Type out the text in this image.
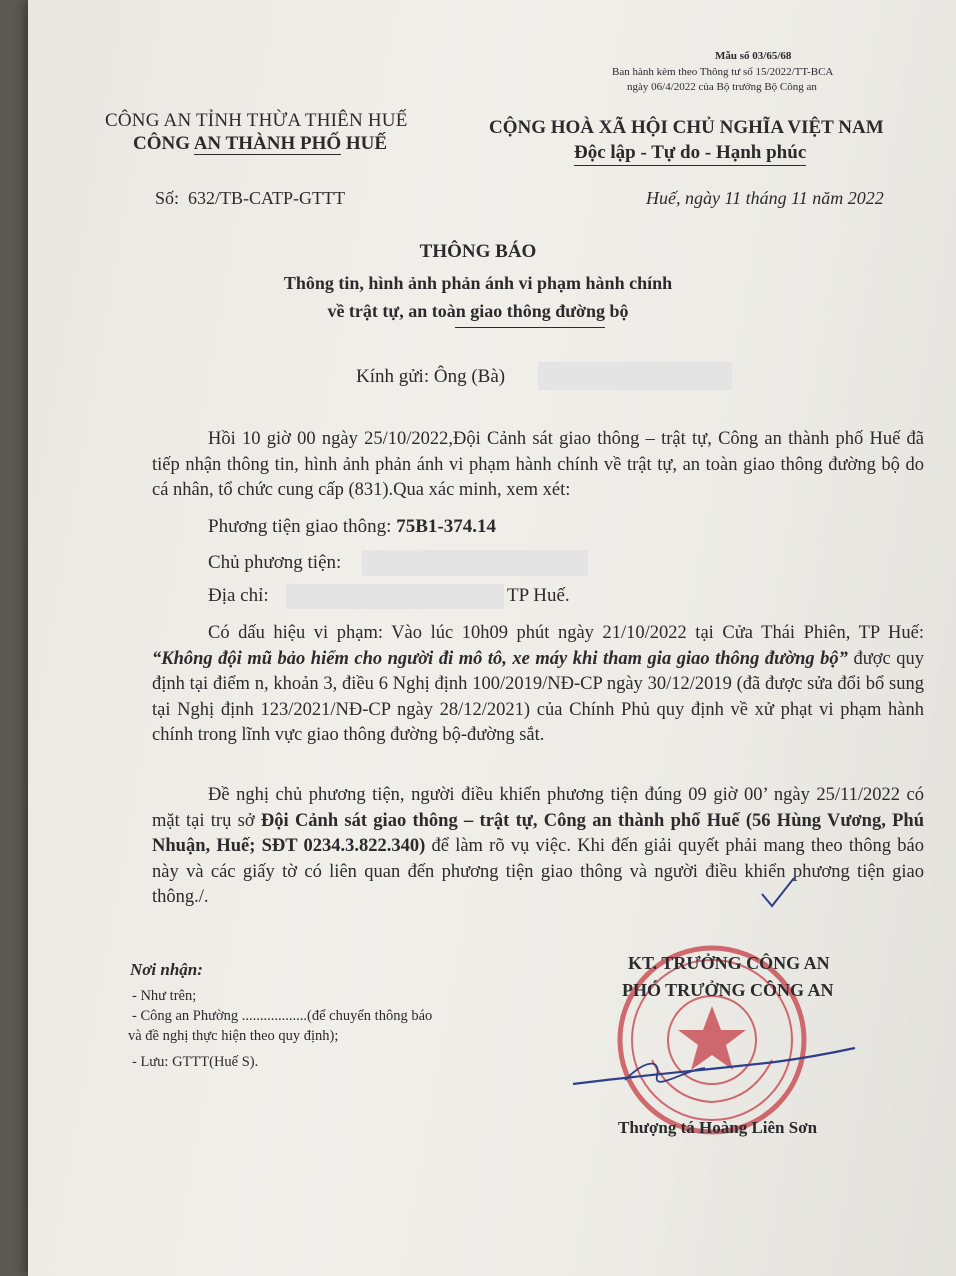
Mẫu số 03/65/68
Ban hành kèm theo Thông tư số 15/2022/TT-BCA
ngày 06/4/2022 của Bộ trưởng Bộ Công an
CÔNG AN TỈNH THỪA THIÊN HUẾ
CÔNG AN THÀNH PHỐ HUẾ
CỘNG HOÀ XÃ HỘI CHỦ NGHĨA VIỆT NAM
Độc lập - Tự do - Hạnh phúc
Số: 632/TB-CATP-GTTT	Huế, ngày 11 tháng 11 năm 2022
THÔNG BÁO
Thông tin, hình ảnh phản ánh vi phạm hành chính
về trật tự, an toàn giao thông đường bộ
Kính gửi: Ông (Bà)
Hồi 10 giờ 00 ngày 25/10/2022,Đội Cảnh sát giao thông – trật tự, Công an thành phố Huế đã tiếp nhận thông tin, hình ảnh phản ánh vi phạm hành chính về trật tự, an toàn giao thông đường bộ do cá nhân, tổ chức cung cấp (831).Qua xác minh, xem xét:
Phương tiện giao thông: 75B1-374.14
Chủ phương tiện:
Địa chỉ:	TP Huế.
Có dấu hiệu vi phạm: Vào lúc 10h09 phút ngày 21/10/2022 tại Cửa Thái Phiên, TP Huế: “Không đội mũ bảo hiểm cho người đi mô tô, xe máy khi tham gia giao thông đường bộ” được quy định tại điểm n, khoản 3, điều 6 Nghị định 100/2019/NĐ-CP ngày 30/12/2019 (đã được sửa đổi bổ sung tại Nghị định 123/2021/NĐ-CP ngày 28/12/2021) của Chính Phủ quy định về xử phạt vi phạm hành chính trong lĩnh vực giao thông đường bộ-đường sắt.
Đề nghị chủ phương tiện, người điều khiển phương tiện đúng 09 giờ 00’ ngày 25/11/2022 có mặt tại trụ sở Đội Cảnh sát giao thông – trật tự, Công an thành phố Huế (56 Hùng Vương, Phú Nhuận, Huế; SĐT 0234.3.822.340) để làm rõ vụ việc. Khi đến giải quyết phải mang theo thông báo này và các giấy tờ có liên quan đến phương tiện giao thông và người điều khiển phương tiện giao thông./.
Nơi nhận:
- Như trên;
- Công an Phường ..................(để chuyển thông báo
và đề nghị thực hiện theo quy định);
- Lưu: GTTT(Huế S).
KT. TRƯỞNG CÔNG AN
PHÓ TRƯỞNG CÔNG AN
Thượng tá Hoàng Liên Sơn
